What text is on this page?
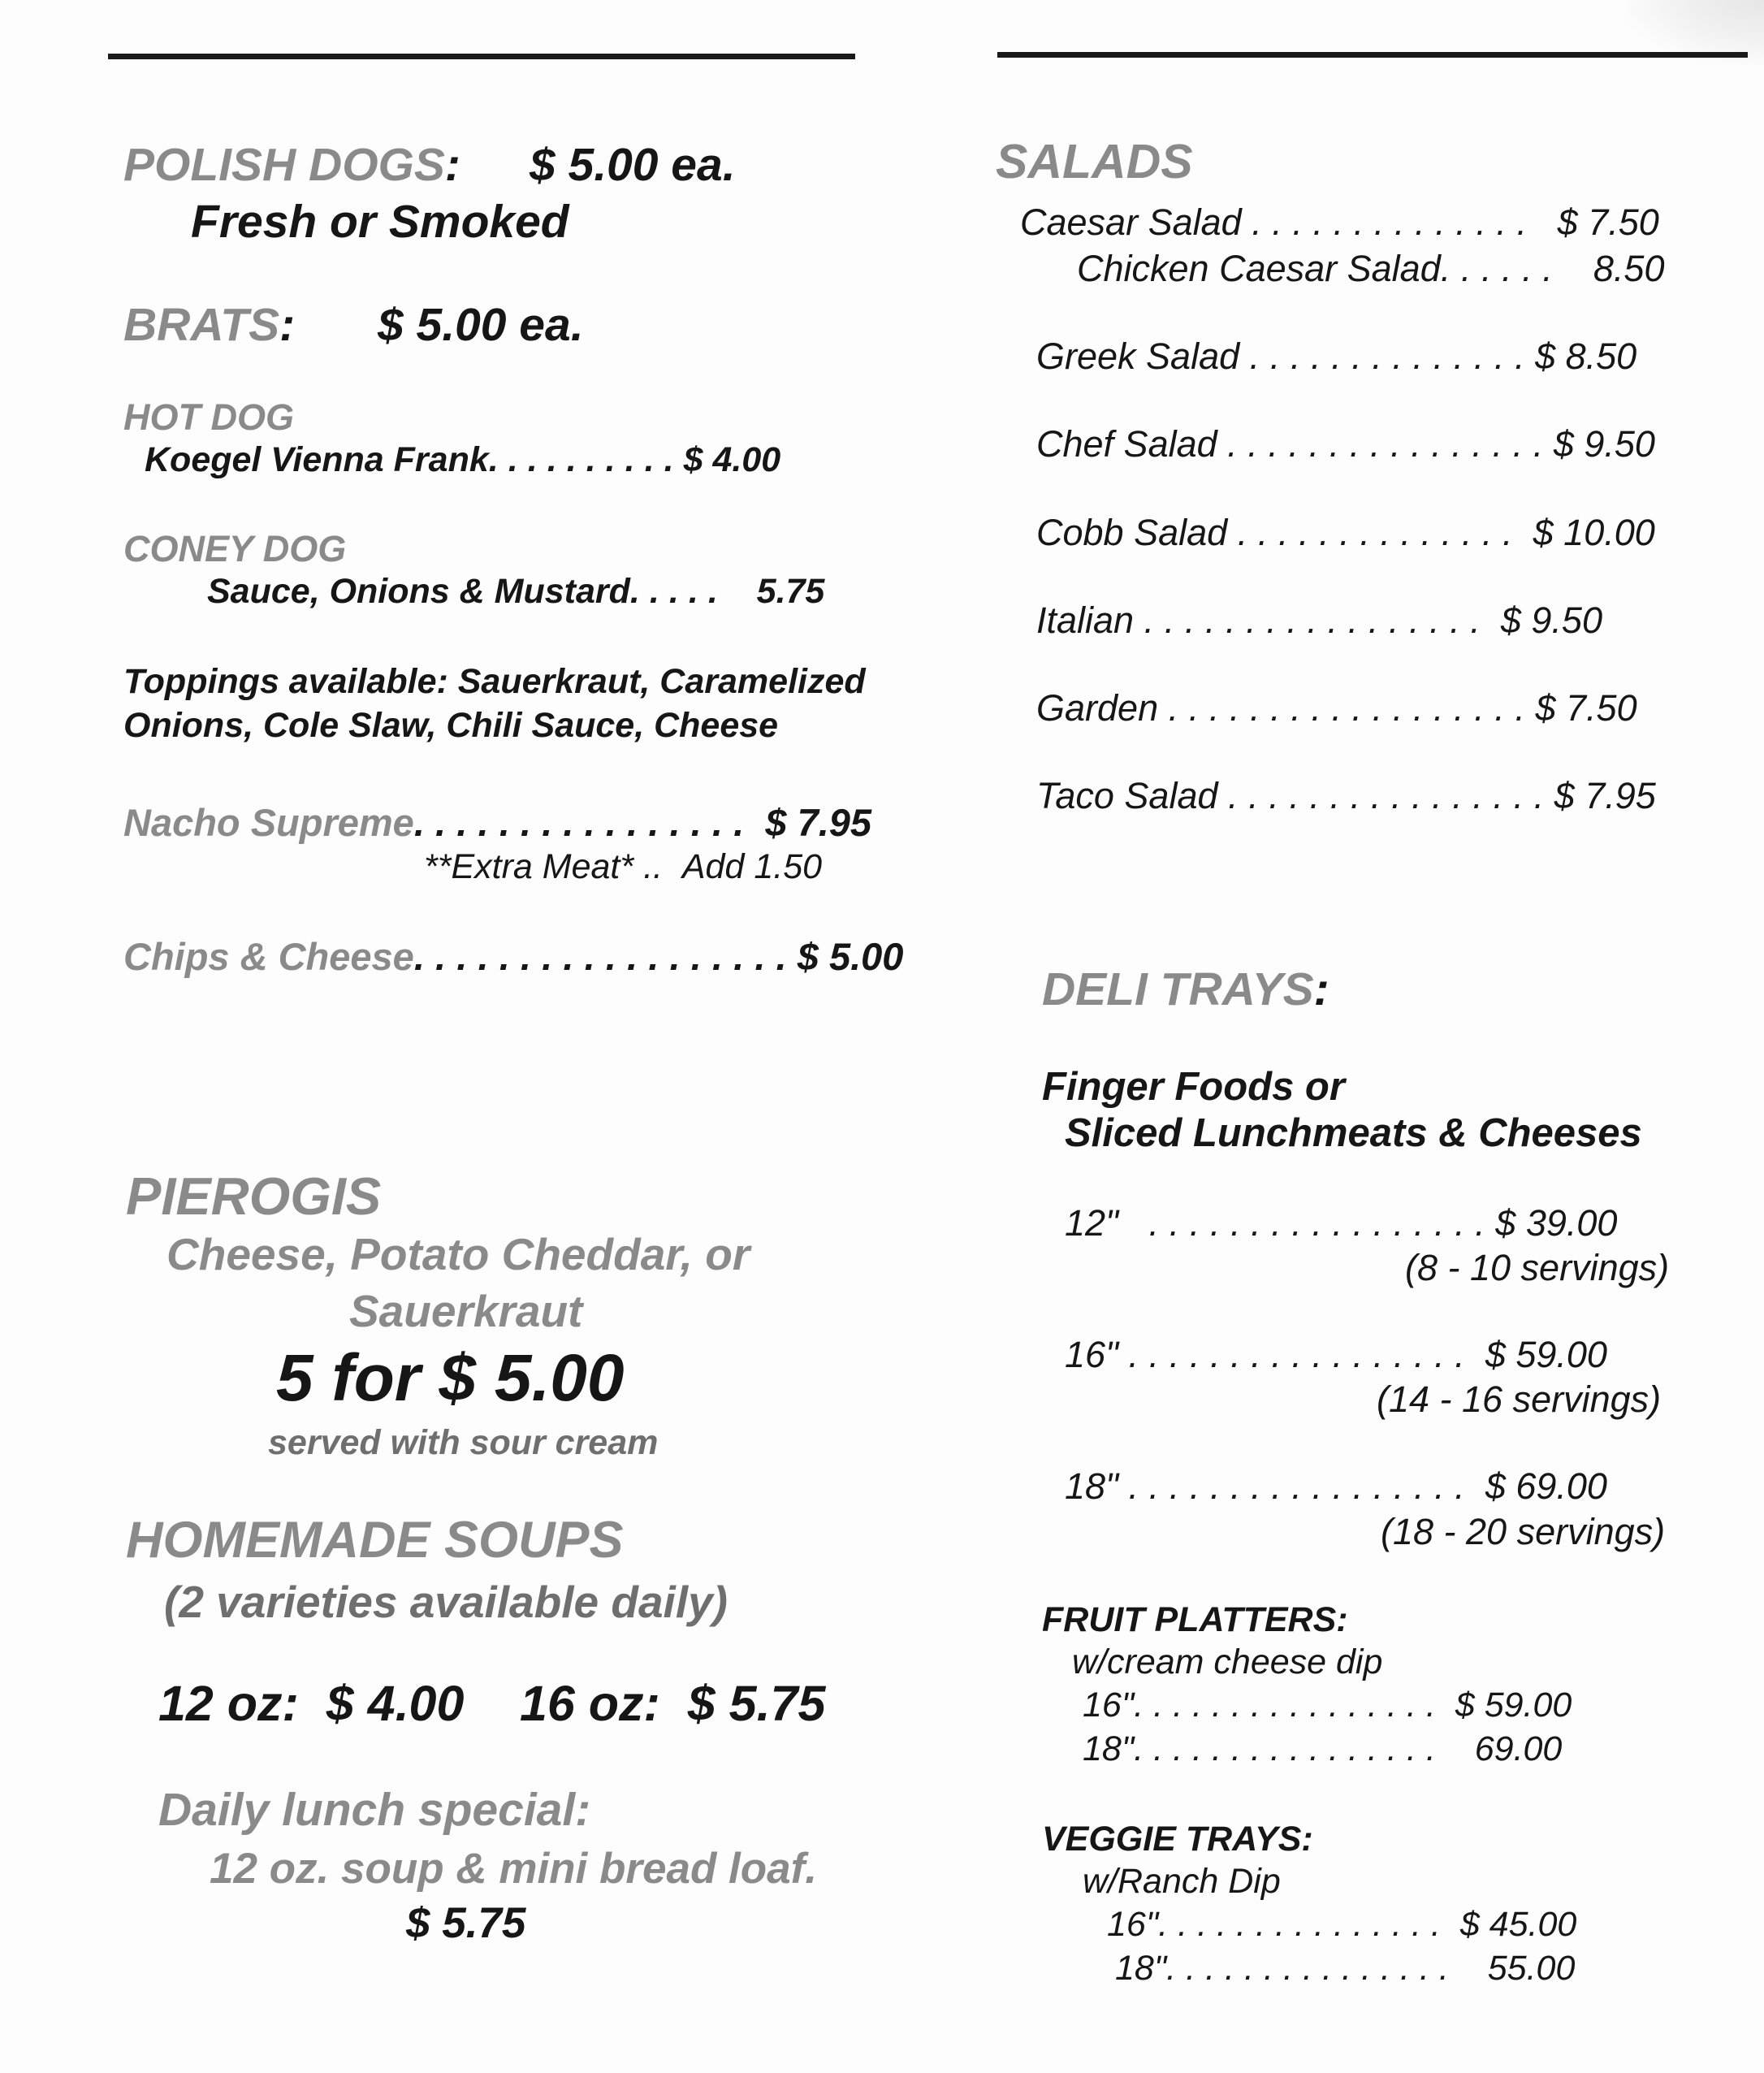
POLISH DOGS: $ 5.00 ea.
Fresh or Smoked
BRATS: $ 5.00 ea.
HOT DOG
Koegel Vienna Frank..........$ 4.00
CONEY DOG
Sauce, Onions & Mustard..... 5.75
Toppings available: Sauerkraut, Caramelized
Onions, Cole Slaw, Chili Sauce, Cheese
Nacho Supreme................ $ 7.95
**Extra Meat* .. Add 1.50
Chips & Cheese..................$ 5.00
PIEROGIS
Cheese, Potato Cheddar, or
Sauerkraut
5 for $ 5.00
served with sour cream
HOMEMADE SOUPS
(2 varieties available daily)
12 oz:  $ 4.00 16 oz:  $ 5.75
Daily lunch special:
12 oz. soup & mini bread loaf.
$ 5.75
SALADS
Caesar Salad .............. $ 7.50
Chicken Caesar Salad...... 8.50
Greek Salad ..............$ 8.50
Chef Salad ................$ 9.50
Cobb Salad .............. $ 10.00
Italian ................. $ 9.50
Garden ..................$ 7.50
Taco Salad ................$ 7.95
DELI TRAYS:
Finger Foods or
Sliced Lunchmeats & Cheeses
12" .................$ 39.00
(8 - 10 servings)
16" ................. $ 59.00
(14 - 16 servings)
18" ................. $ 69.00
(18 - 20 servings)
FRUIT PLATTERS:
w/cream cheese dip
16"................ $ 59.00
18"................ 69.00
VEGGIE TRAYS:
w/Ranch Dip
16"............... $ 45.00
18"............... 55.00
